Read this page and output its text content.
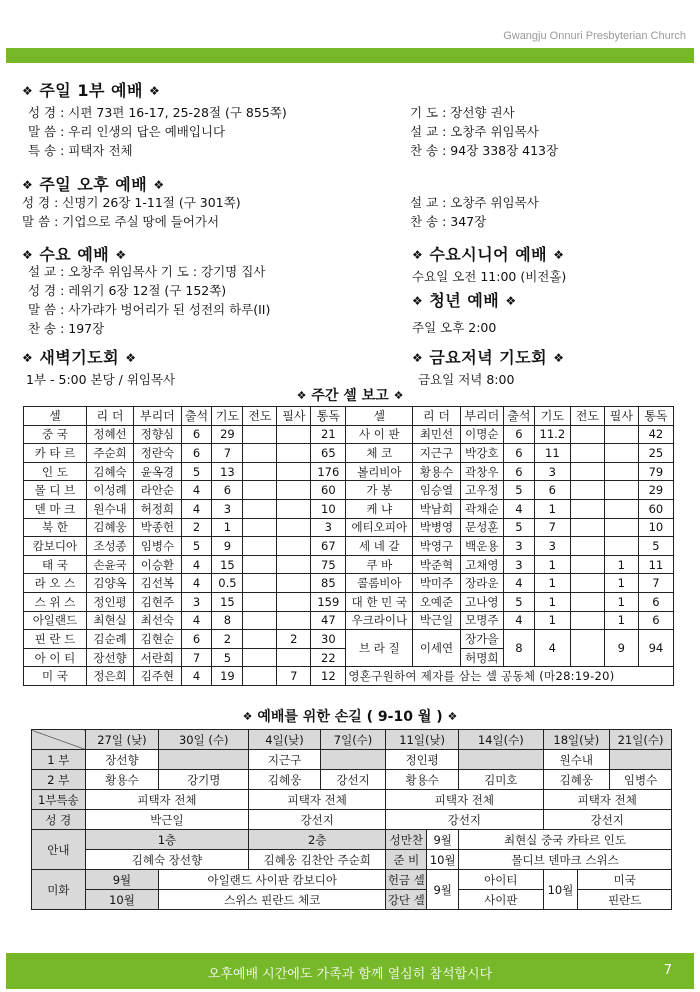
Gwangju Onnuri Presbyterian Church
❖ 주일 1부 예배 ❖
성 경 : 시편 73편 16-17, 25-28절 (구 855쪽)
말 씀 : 우리 인생의 답은 예배입니다
특 송 : 피택자 전체
기 도 : 장선향 권사
설 교 : 오창주 위임목사
찬 송 : 94장 338장 413장
❖ 주일 오후 예배 ❖
성 경 : 신명기 26장 1-11절 (구 301쪽)
말 씀 : 기업으로 주실 땅에 들어가서
설 교 : 오창주 위임목사
찬 송 : 347장
❖ 수요 예배 ❖
설 교 : 오창주 위임목사 기 도 : 강기명 집사
성 경 : 레위기 6장 12절 (구 152쪽)
말 씀 : 사가랴가 벙어리가 된 성전의 하루(II)
찬 송 : 197장
❖ 수요시니어 예배 ❖
수요일 오전 11:00 (비전홀)
❖ 청년 예배 ❖
주일 오후 2:00
❖ 새벽기도회 ❖
1부 - 5:00 본당 / 위임목사
❖ 금요저녁 기도회 ❖
금요일 저녁 8:00
❖ 주간 셀 보고 ❖
셀	리 더	부리더	출석	기도	전도	필사	통독	셀	리 더	부리더	출석	기도	전도	필사	통독
중 국	정혜선	정향심	6	29			21	사 이 판	최민선	이명순	6	11.2			42
카 타 르	주순희	정란숙	6	7			65	체 코	지근구	박강호	6	11			25
인 도	김혜숙	윤옥경	5	13			176	볼리비아	황용수	곽창우	6	3			79
몰 디 브	이성례	라안순	4	6			60	가 봉	임승열	고우정	5	6			29
덴 마 크	원수내	허정희	4	3			10	케 냐	박남희	곽채순	4	1			60
북 한	김혜웅	박종헌	2	1			3	에티오피아	박병영	문성훈	5	7			10
캄보디아	조성종	임병수	5	9			67	세 네 갈	박영구	백운용	3	3			5
태 국	손윤국	이승환	4	15			75	쿠 바	박준혁	고채영	3	1		1	11
라 오 스	김양옥	김선복	4	0.5			85	콜롬비아	박미주	장라운	4	1		1	7
스 위 스	정인평	김현주	3	15			159	대 한 민 국	오예준	고나영	5	1		1	6
아일랜드	최현실	최선숙	4	8			47	우크라이나	박근일	모명주	4	1		1	6
핀 란 드	김순례	김현순	6	2		2	30	브 라 질	이세연	장가을	8	4		9	94
아 이 티	장선향	서란희	7	5			22			허명희					
미 국	정은희	김주현	4	19		7	12	영혼구원하여 제자를 삼는 셀 공동체 (마28:19-20)							
❖ 예배를 위한 손길 ( 9-10 월 ) ❖
	27일 (낮)	30일 (수)	4일(낮)	7일(수)	11일(낮)		14일(수)	18일(낮)		21일(수)
1 부	장선향		지근구		정인평			원수내		
2 부	황용수	강기명	김혜웅	강선지	황용수		김미호	김혜웅		임병수
1부특송	피택자 전체		피택자 전체		피택자 전체			피택자 전체		
성 경	박근일		강선지		강선지			강선지		
안내	1층		2층		성만찬	9월	최현실 중국 카타르 인도			
	김혜숙 장선향		김혜웅 김찬안 주순희		준 비	10월	몰디브 덴마크 스위스			
미화	9월	아일랜드 사이판 캄보디아			헌금 셀	9월	아이티	10월	미국	
	10월	스위스 핀란드 체코			강단 셀		사이판		핀란드	
오후예배 시간에도 가족과 함께 열심히 참석합시다	7
